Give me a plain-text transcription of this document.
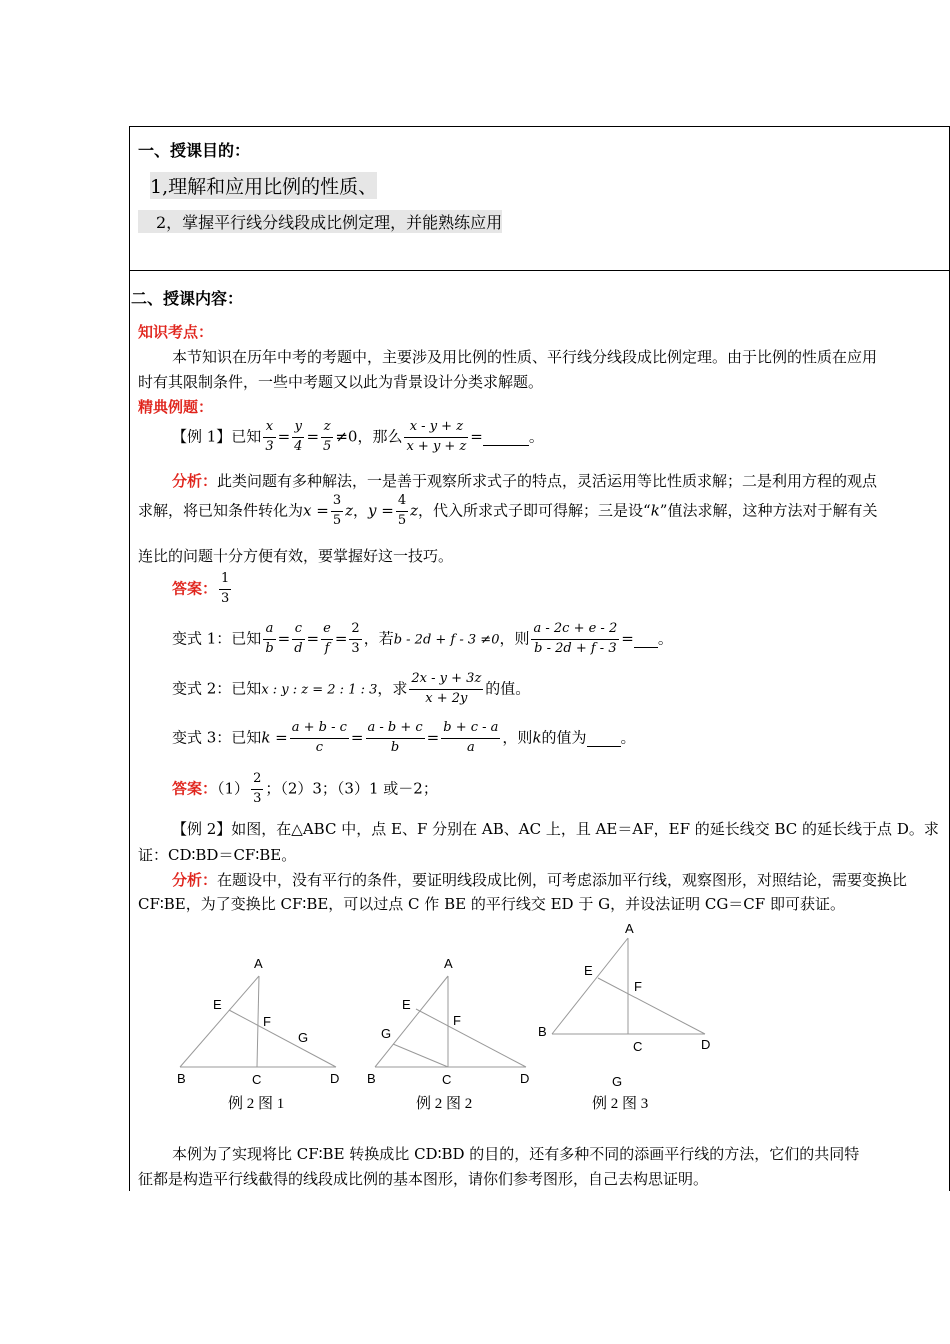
一、授课目的：
1,理解和应用比例的性质、
2，掌握平行线分线段成比例定理，并能熟练应用
二、授课内容：
知识考点：
本节知识在历年中考的考题中，主要涉及用比例的性质、平行线分线段成比例定理。由于比例的性质在应用
时有其限制条件，一些中考题又以此为背景设计分类求解题。
精典例题：
【例 1】已知 $\frac{x}{3} = \frac{y}{4} = \frac{z}{5} \ne 0$，那么 $\frac{x - y + z}{x + y + z}$ =	。
分析：此类问题有多种解法，一是善于观察所求式子的特点，灵活运用等比性质求解；二是利用方程的观点
求解，将已知条件转化为$x = \frac{3}{5}$ z，$y = \frac{4}{5}$ z，代入所求式子即可得解；三是设“k”值法求解，这种方法对于解有关
连比的问题十分方便有效，要掌握好这一技巧。
答案： $\frac{1}{3}$
变式 1：已知 $\frac{a}{b} = \frac{c}{d} = \frac{e}{f} = \frac{2}{3}$ ，若b - 2d + f - 3 ≠0，则 $\frac{a - 2c + e - 2}{b - 2d + f - 3}$ = 。
变式 2：已知x : y : z = 2 : 1 : 3，求 $\frac{2x - y + 3z}{x + 2y}$ 的值。
变式 3：已知$k = \frac{a + b - c}{c} = \frac{a - b + c}{b} = \frac{b + c - a}{a}$ ，则k的值为 。
答案：$(1) \frac{2}{3}$ ；（2）3；（3）1 或－2；
【例 2】如图，在△ABC 中，点 E、F 分别在 AB、AC 上，且 AE＝AF，EF 的延长线交 BC 的延长线于点 D。求
证：CD∶BD＝CF∶BE。
分析：在题设中，没有平行的条件，要证明线段成比例，可考虑添加平行线，观察图形，对照结论，需要变换比
CF∶BE，为了变换比 CF∶BE，可以过点 C 作 BE 的平行线交 ED 于 G，并设法证明 CG＝CF 即可获证。
A
E
F
G
B	C	D
例 2 图 1
A
E
F
G
B	C	D
例 2 图 2
A
E
F
B
C	D
G
例 2 图 3
本例为了实现将比 CF∶BE 转换成比 CD∶BD 的目的，还有多种不同的添画平行线的方法，它们的共同特
征都是构造平行线截得的线段成比例的基本图形，请你们参考图形，自己去构思证明。
